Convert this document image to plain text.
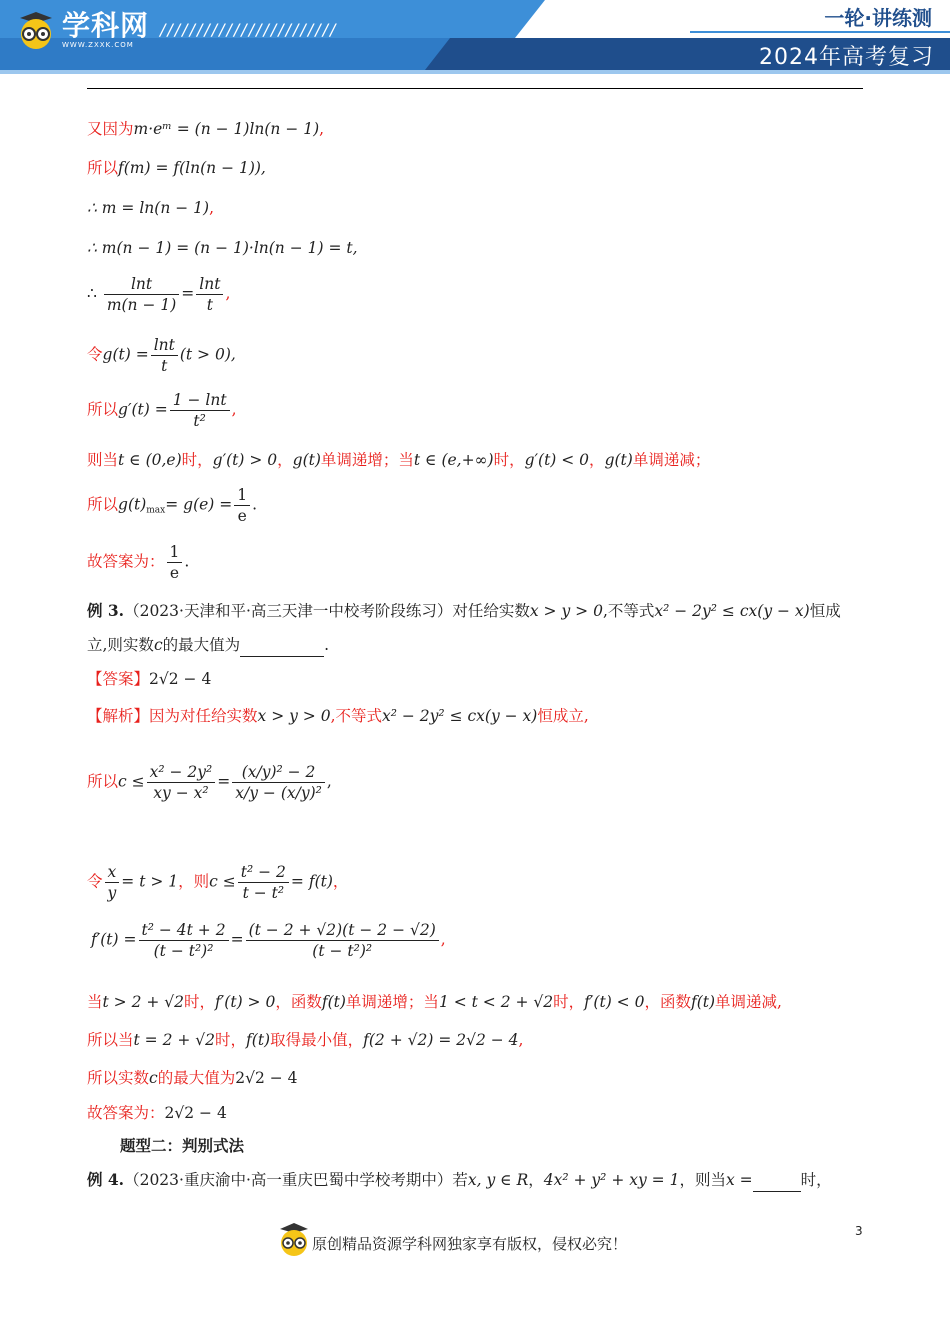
学科网
WWW.ZXXK.COM
////////////////////////	一轮·讲练测
2024年高考复习
又因为m·eᵐ = (n − 1)ln(n − 1),
所以f(m) = f(ln(n − 1)),
∴ m = ln(n − 1),
∴ m(n − 1) = (n − 1)·ln(n − 1) = t,
∴ $\frac{\ln t}{m(n - 1)} = \frac{\ln t}{t}$ ,
令$g(t) = \frac{\ln t}{t} (t > 0)$,
所以$g'(t) = \frac{1 - \ln t}{\text{t²}}$ ,
则当t ∈ (0,e)时，g′(t) > 0，g(t)单调递增；当t ∈ (e,+∞)时，g′(t) < 0，g(t)单调递减；
所以$g(t)_{max}= g(e) = \frac{1}{e}$ .
故答案为： $\frac{1}{e}$ .
例 3.（2023·天津和平·高三天津一中校考阶段练习）对任给实数x > y > 0,不等式x² − 2y² ≤ cx(y − x)恒成
立,则实数c的最大值为	.
【答案】2√2 − 4
【解析】因为对任给实数x > y > 0,不等式x² − 2y² ≤ cx(y − x)恒成立,
所以$c \le \frac{\text{x² − 2y²}}{\text{xy − x²}} = \frac{\text{(x/y)² − 2}}{\text{x/y − (x/y)²}}$ ,
令 $\frac{x}{y} = t > 1$，则$c \le \frac{\text{t² − 2}}{\text{t − t²}} = f(t)$，
$f'(t) = \frac{\text{t² − 4t + 2}}{\text{(t − t²)²}} = \frac{(t - 2 + √2)(t - 2 - √2)}{\text{(t − t²)²}}$ ,
当t > 2 + √2时，f′(t) > 0，函数f(t)单调递增；当1 < t < 2 + √2时，f′(t) < 0，函数f(t)单调递减,
所以当t = 2 + √2时，f(t)取得最小值，f(2 + √2) = 2√2 − 4,
所以实数c的最大值为2√2 − 4
故答案为：2√2 − 4
题型二：判别式法
例 4.（2023·重庆渝中·高一重庆巴蜀中学校考期中）若x, y ∈ R，4x² + y² + xy = 1，则当x =	时，
原创精品资源学科网独家享有版权，侵权必究！
3
